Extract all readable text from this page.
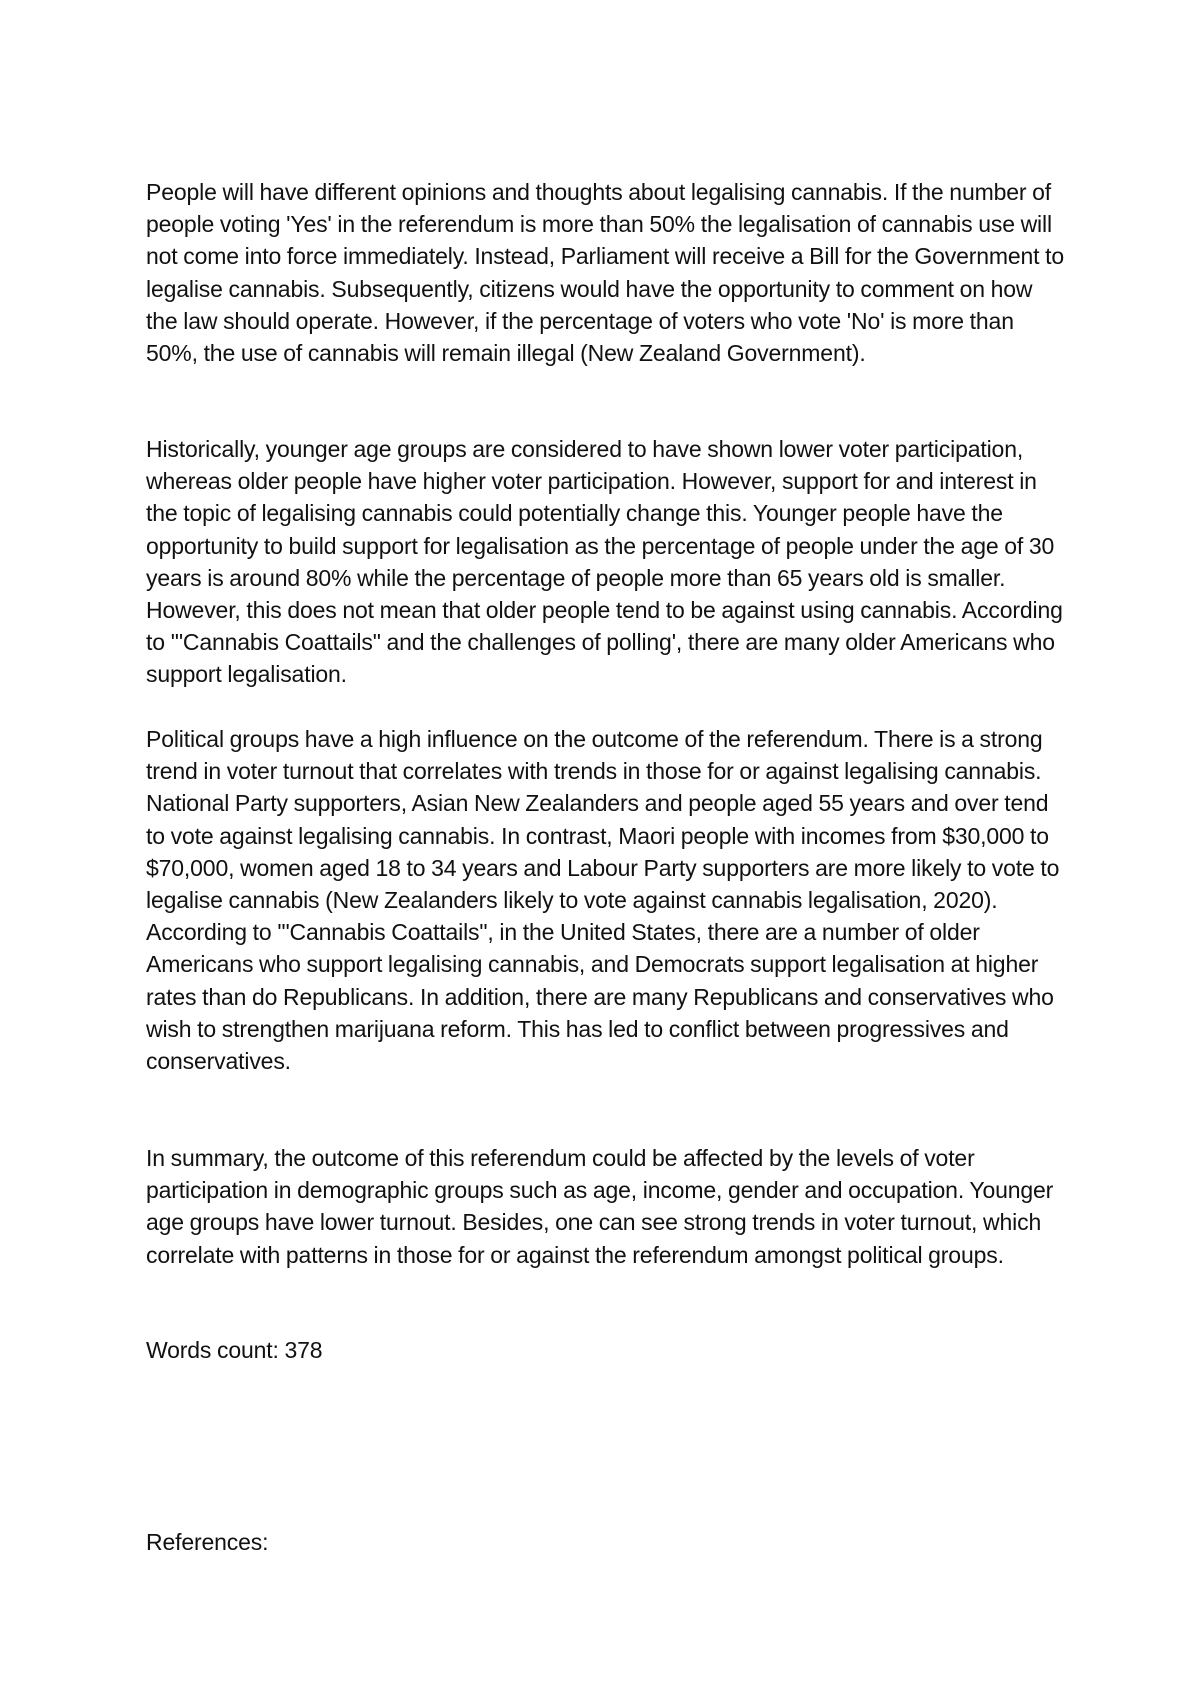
People will have different opinions and thoughts about legalising cannabis. If the number of people voting 'Yes' in the referendum is more than 50% the legalisation of cannabis use will not come into force immediately. Instead, Parliament will receive a Bill for the Government to legalise cannabis. Subsequently, citizens would have the opportunity to comment on how the law should operate. However, if the percentage of voters who vote 'No' is more than 50%, the use of cannabis will remain illegal (New Zealand Government).

Historically, younger age groups are considered to have shown lower voter participation, whereas older people have higher voter participation. However, support for and interest in the topic of legalising cannabis could potentially change this. Younger people have the opportunity to build support for legalisation as the percentage of people under the age of 30 years is around 80% while the percentage of people more than 65 years old is smaller. However, this does not mean that older people tend to be against using cannabis. According to '"Cannabis Coattails" and the challenges of polling', there are many older Americans who support legalisation.

Political groups have a high influence on the outcome of the referendum. There is a strong trend in voter turnout that correlates with trends in those for or against legalising cannabis. National Party supporters, Asian New Zealanders and people aged 55 years and over tend to vote against legalising cannabis. In contrast, Maori people with incomes from $30,000 to $70,000, women aged 18 to 34 years and Labour Party supporters are more likely to vote to legalise cannabis (New Zealanders likely to vote against cannabis legalisation, 2020). According to '"Cannabis Coattails", in the United States, there are a number of older Americans who support legalising cannabis, and Democrats support legalisation at higher rates than do Republicans. In addition, there are many Republicans and conservatives who wish to strengthen marijuana reform. This has led to conflict between progressives and conservatives.

In summary, the outcome of this referendum could be affected by the levels of voter participation in demographic groups such as age, income, gender and occupation. Younger age groups have lower turnout. Besides, one can see strong trends in voter turnout, which correlate with patterns in those for or against the referendum amongst political groups.

Words count: 378

References:
